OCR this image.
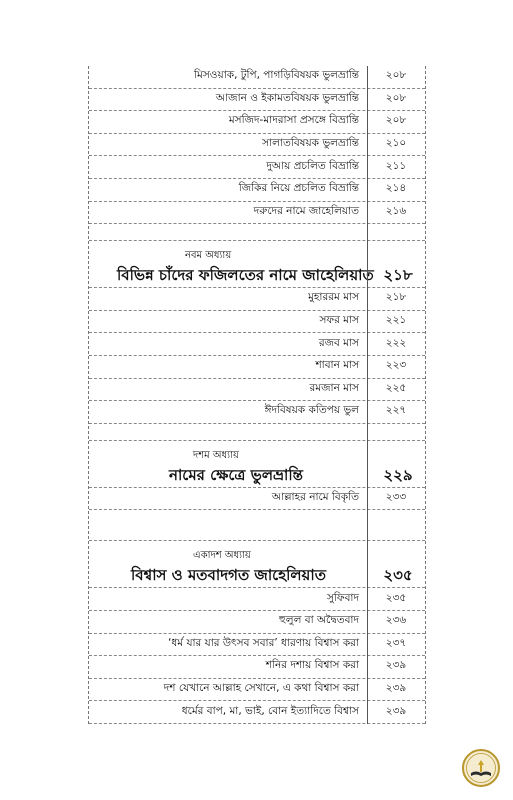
মিসওয়াক, টুপি, পাগড়িবিষয়ক ভুলভ্রান্তি	২০৮
আজান ও ইকামতবিষয়ক ভুলভ্রান্তি	২০৮
মসজিদ-মাদরাসা প্রসঙ্গে বিভ্রান্তি	২০৮
সালাতবিষয়ক ভুলভ্রান্তি	২১০
দুআয় প্রচলিত বিভ্রান্তি	২১১
জিকির নিয়ে প্রচলিত বিভ্রান্তি	২১৪
দরুদের নামে জাহেলিয়াত	২১৬
নবম অধ্যায়
বিভিন্ন চাঁদের ফজিলতের নামে জাহেলিয়াত ২১৮
মুহাররম মাস	২১৮
সফর মাস	২২১
রজব মাস	২২২
শাবান মাস	২২৩
রমজান মাস	২২৫
ঈদবিষয়ক কতিপয় ভুল	২২৭
দশম অধ্যায়
নামের ক্ষেত্রে ভুলভ্রান্তি	২২৯
আল্লাহর নামে বিকৃতি	২৩৩
একাদশ অধ্যায়
বিশ্বাস ও মতবাদগত জাহেলিয়াত	২৩৫
সুফিবাদ	২৩৫
হুলুল বা অদ্বৈতবাদ	২৩৬
‘ধর্ম যার যার উৎসব সবার’ ধারণায় বিশ্বাস করা	২৩৭
শনির দশায় বিশ্বাস করা	২৩৯
দশ যেখানে আল্লাহ সেখানে, এ কথা বিশ্বাস করা	২৩৯
ধর্মের বাপ, মা, ভাই, বোন ইত্যাদিতে বিশ্বাস	২৩৯
